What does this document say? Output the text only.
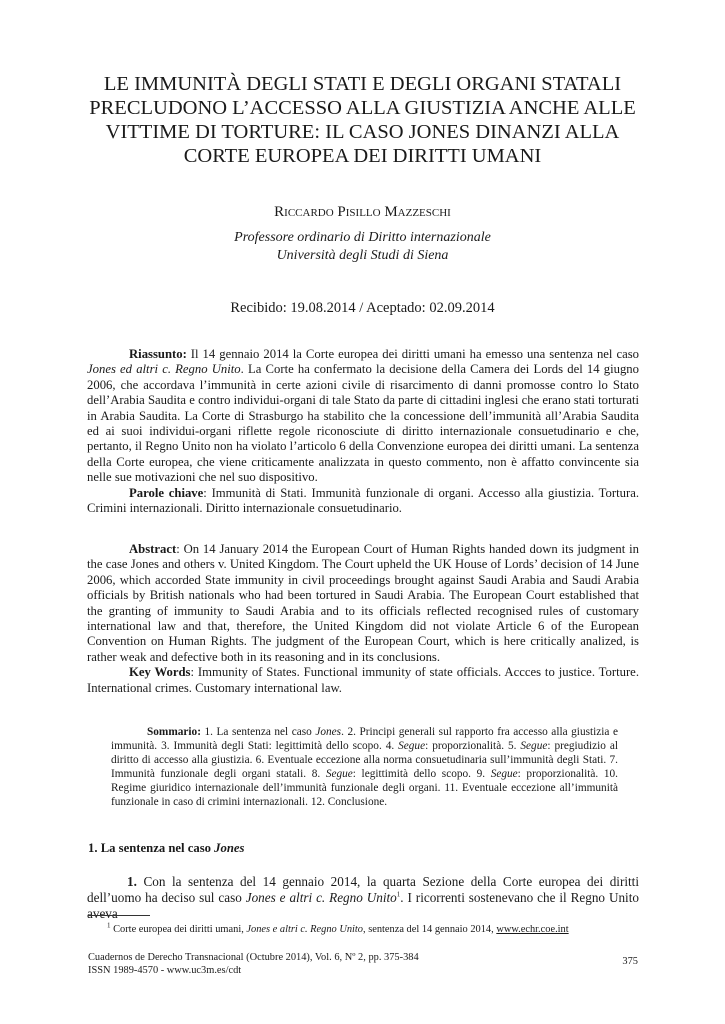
LE IMMUNITÀ DEGLI STATI E DEGLI ORGANI STATALI
PRECLUDONO L’ACCESSO ALLA GIUSTIZIA ANCHE ALLE
VITTIME DI TORTURE: IL CASO JONES DINANZI ALLA
CORTE EUROPEA DEI DIRITTI UMANI

Riccardo Pisillo Mazzeschi

Professore ordinario di Diritto internazionale
Università degli Studi di Siena
Recibido: 19.08.2014 / Aceptado: 02.09.2014

Riassunto: Il 14 gennaio 2014 la Corte europea dei diritti umani ha emesso una sentenza nel caso Jones ed altri c. Regno Unito. La Corte ha confermato la decisione della Camera dei Lords del 14 giugno 2006, che accordava l’immunità in certe azioni civile di risarcimento di danni promosse contro lo Stato dell’Arabia Saudita e contro individui-organi di tale Stato da parte di cittadini inglesi che erano stati torturati in Arabia Saudita. La Corte di Strasburgo ha stabilito che la concessione dell’immunità all’Arabia Saudita ed ai suoi individui-organi riflette regole riconosciute di diritto internazionale consuetudinario e che, pertanto, il Regno Unito non ha violato l’articolo 6 della Convenzione europea dei diritti umani. La sentenza della Corte europea, che viene criticamente analizzata in questo commento, non è affatto convincente sia nelle sue motivazioni che nel suo dispositivo.

Parole chiave: Immunità di Stati. Immunità funzionale di organi. Accesso alla giustizia. Tortura. Crimini internazionali. Diritto internazionale consuetudinario.

Abstract: On 14 January 2014 the European Court of Human Rights handed down its judgment in the case Jones and others v. United Kingdom. The Court upheld the UK House of Lords’ decision of 14 June 2006, which accorded State immunity in civil proceedings brought against Saudi Arabia and Saudi Arabia officials by British nationals who had been tortured in Saudi Arabia. The European Court established that the granting of immunity to Saudi Arabia and to its officials reflected recognised rules of customary international law and that, therefore, the United Kingdom did not violate Article 6 of the European Convention on Human Rights. The judgment of the European Court, which is here critically analized, is rather weak and defective both in its reasoning and in its conclusions.

Key Words: Immunity of States. Functional immunity of state officials. Accces to justice. Torture. International crimes. Customary international law.

Sommario: 1. La sentenza nel caso Jones. 2. Principi generali sul rapporto fra accesso alla giustizia e immunità. 3. Immunità degli Stati: legittimità dello scopo. 4. Segue: proporzionalità. 5. Segue: pregiudizio al diritto di accesso alla giustizia. 6. Eventuale eccezione alla norma consuetudinaria sull’immunità degli Stati. 7. Immunità funzionale degli organi statali. 8. Segue: legittimità dello scopo. 9. Segue: proporzionalità. 10. Regime giuridico internazionale dell’immunità funzionale degli organi. 11. Eventuale eccezione all’immunità funzionale in caso di crimini internazionali. 12. Conclusione.

1. La sentenza nel caso Jones

1. Con la sentenza del 14 gennaio 2014, la quarta Sezione della Corte europea dei diritti dell’uomo ha deciso sul caso Jones e altri c. Regno Unito$^1$. I ricorrenti sostenevano che il Regno Unito aveva

$^1$ Corte europea dei diritti umani, Jones e altri c. Regno Unito, sentenza del 14 gennaio 2014, www.echr.coe.int

Cuadernos de Derecho Transnacional (Octubre 2014), Vol. 6, Nº 2, pp. 375-384
ISSN 1989-4570 - www.uc3m.es/cdt
375
